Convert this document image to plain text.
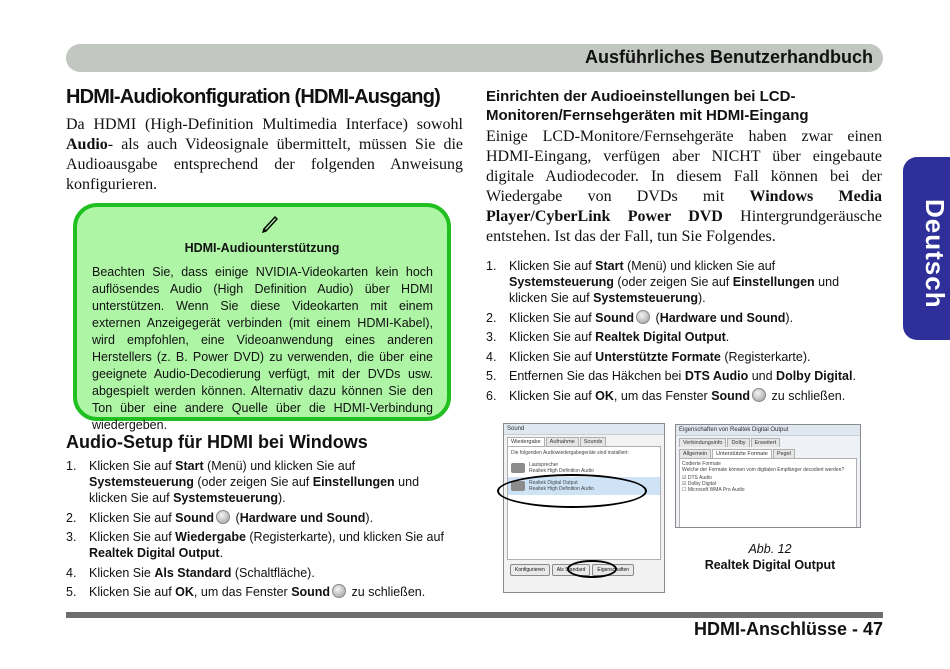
Ausführliches Benutzerhandbuch
Deutsch
HDMI-Audiokonfiguration (HDMI-Ausgang)
Da HDMI (High-Definition Multimedia Interface) sowohl Audio- als auch Videosignale übermittelt, müssen Sie die Audioausgabe entsprechend der folgenden Anweisung konfigurieren.
HDMI-Audiounterstützung
Beachten Sie, dass einige NVIDIA-Videokarten kein hoch auflösendes Audio (High Definition Audio) über HDMI unterstützen. Wenn Sie diese Videokarten mit einem externen Anzeigegerät verbinden (mit einem HDMI-Kabel), wird empfohlen, eine Videoanwendung eines anderen Herstellers (z. B. Power DVD) zu verwenden, die über eine geeignete Audio-Decodierung verfügt, mit der DVDs usw. abgespielt werden können. Alternativ dazu können Sie den Ton über eine andere Quelle über die HDMI-Verbindung wiedergeben.
Audio-Setup für HDMI bei Windows
1. Klicken Sie auf Start (Menü) und klicken Sie auf Systemsteuerung (oder zeigen Sie auf Einstellungen und klicken Sie auf Systemsteuerung).
2. Klicken Sie auf Sound (Hardware und Sound).
3. Klicken Sie auf Wiedergabe (Registerkarte), und klicken Sie auf Realtek Digital Output.
4. Klicken Sie Als Standard (Schaltfläche).
5. Klicken Sie auf OK, um das Fenster Sound zu schließen.
Einrichten der Audioeinstellungen bei LCD-Monitoren/Fernsehgeräten mit HDMI-Eingang
Einige LCD-Monitore/Fernsehgeräte haben zwar einen HDMI-Eingang, verfügen aber NICHT über eingebaute digitale Audiodecoder. In diesem Fall können bei der Wiedergabe von DVDs mit Windows Media Player/CyberLink Power DVD Hintergrundgeräusche entstehen. Ist das der Fall, tun Sie Folgendes.
1. Klicken Sie auf Start (Menü) und klicken Sie auf Systemsteuerung (oder zeigen Sie auf Einstellungen und klicken Sie auf Systemsteuerung).
2. Klicken Sie auf Sound (Hardware und Sound).
3. Klicken Sie auf Realtek Digital Output.
4. Klicken Sie auf Unterstützte Formate (Registerkarte).
5. Entfernen Sie das Häkchen bei DTS Audio und Dolby Digital.
6. Klicken Sie auf OK, um das Fenster Sound zu schließen.
Sound
Wiedergabe	Aufnahme	Sounds
Die folgenden Audiowiedergabegeräte sind installiert:
Lautsprecher
Realtek High Definition Audio
Realtek Digital Output
Realtek High Definition Audio
Konfigurieren	Als Standard	Eigenschaften
Eigenschaften von Realtek Digital Output
Verbindungsinfo	Dolby	Erweitert
Allgemein	Unterstützte Formate	Pegel
Codierte Formate
Welche der Formate können vom digitalen Empfänger decodiert werden?
☑ DTS Audio
☑ Dolby Digital
☐ Microsoft WMA Pro Audio
Abb. 12
Realtek Digital Output
HDMI-Anschlüsse - 47
